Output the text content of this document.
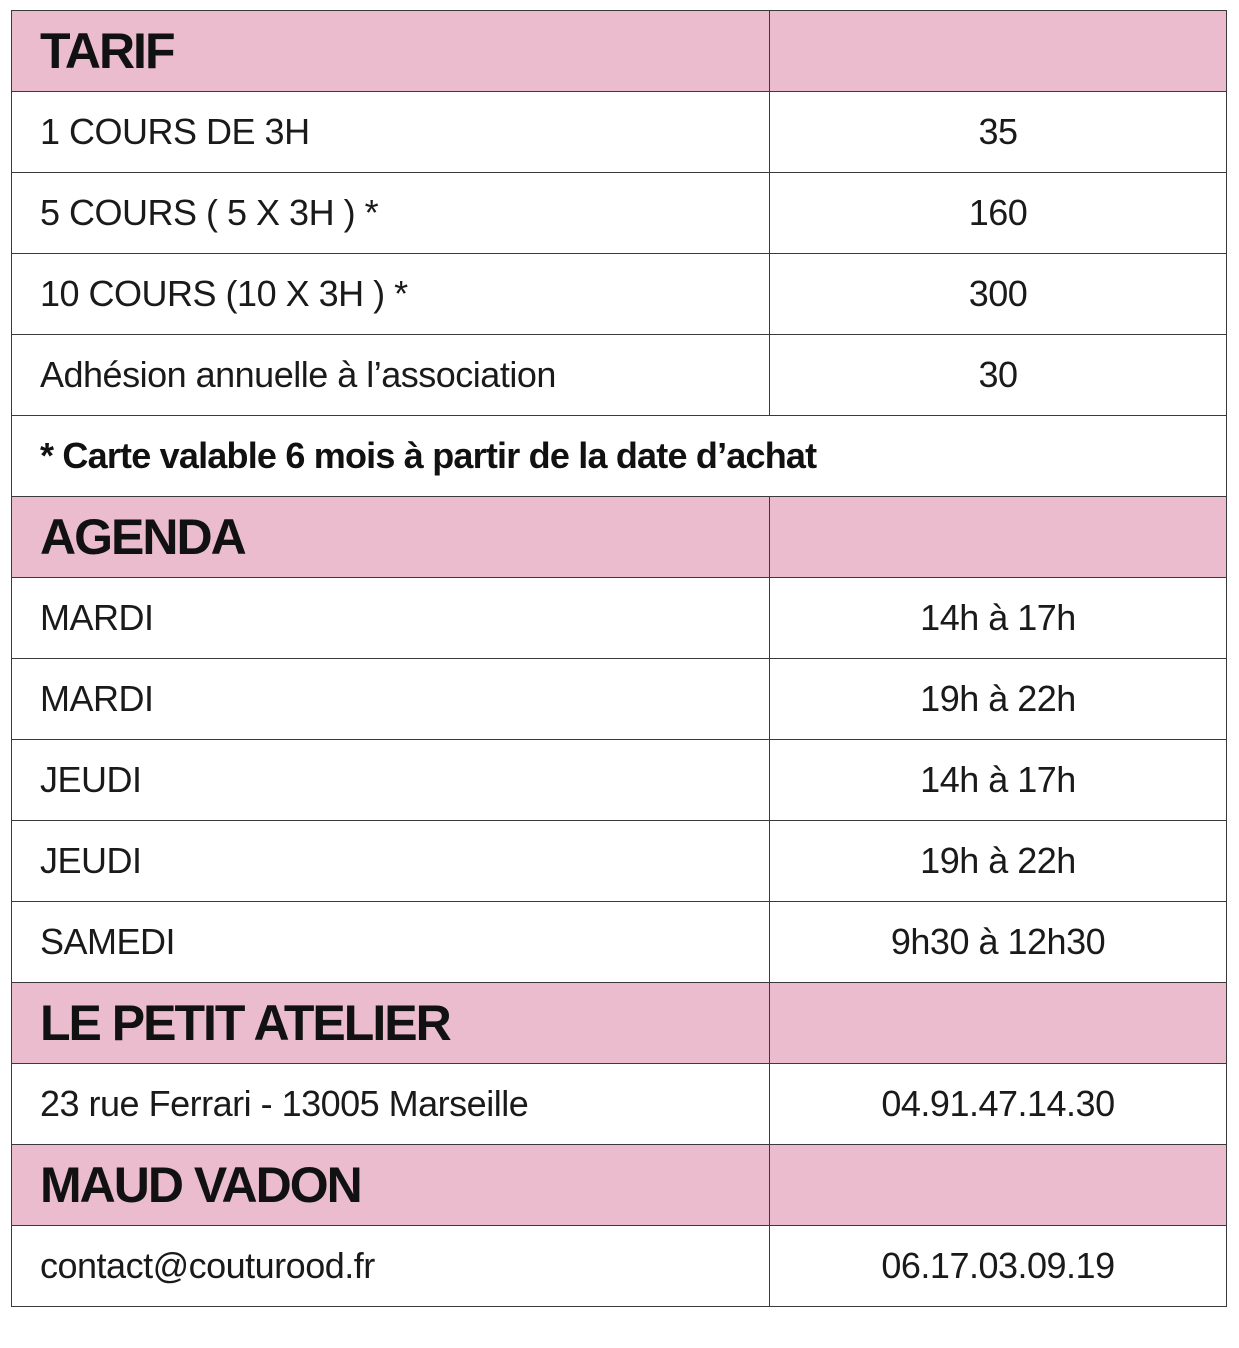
TARIF	
1 COURS DE 3H	35
5 COURS ( 5 X 3H ) *	160
10 COURS (10 X 3H ) *	300
Adhésion annuelle à l’association	30
* Carte valable 6 mois à partir de la date d’achat	
AGENDA	
MARDI	14h à 17h
MARDI	19h à 22h
JEUDI	14h à 17h
JEUDI	19h à 22h
SAMEDI	9h30 à 12h30
LE PETIT ATELIER	
23 rue Ferrari - 13005 Marseille	04.91.47.14.30
MAUD VADON	
contact@couturood.fr	06.17.03.09.19
